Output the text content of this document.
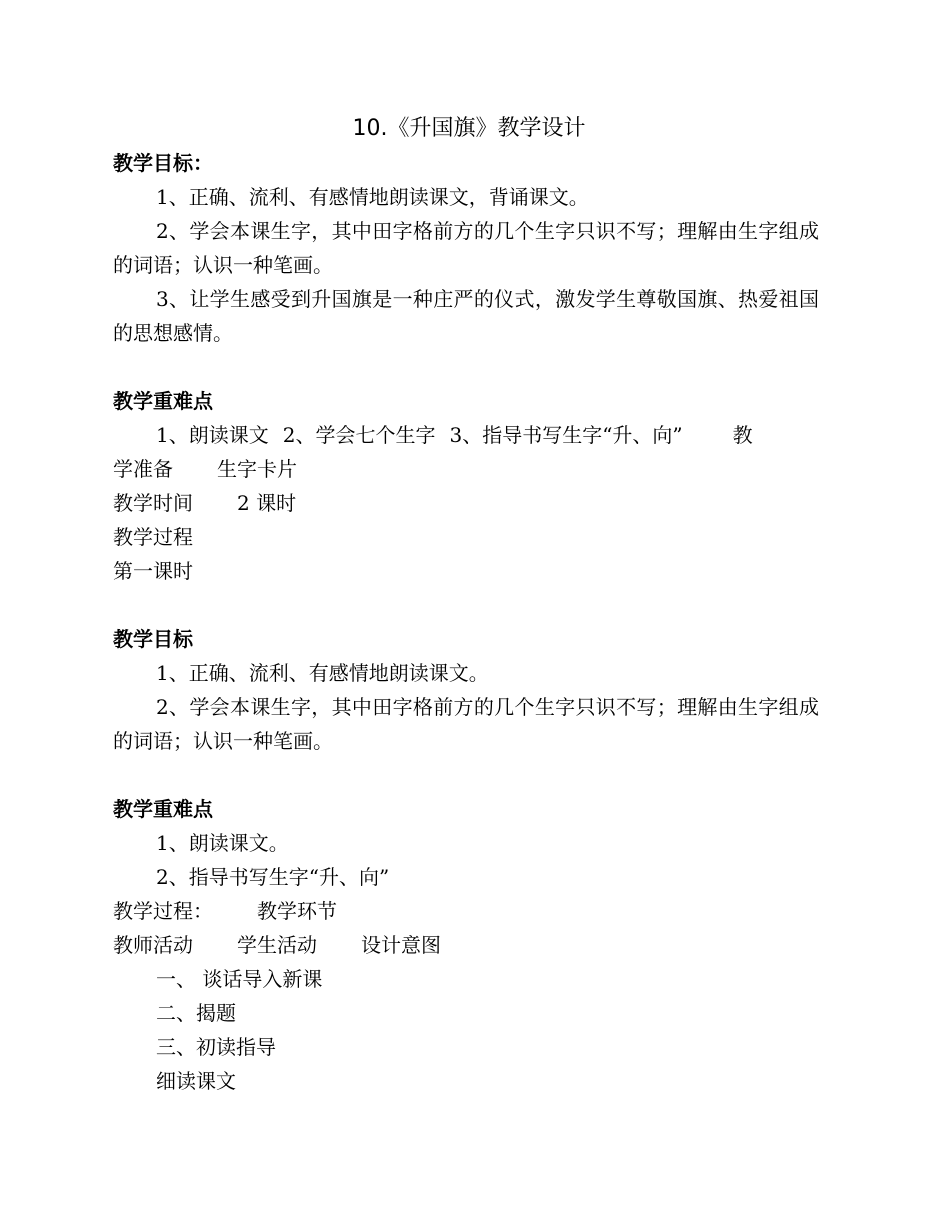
10.《升国旗》教学设计

教学目标：

1、正确、流利、有感情地朗读课文，背诵课文。

2、学会本课生字，其中田字格前方的几个生字只识不写；理解由生字组成的词语；认识一种笔画。

3、让学生感受到升国旗是一种庄严的仪式，激发学生尊敬国旗、热爱祖国的思想感情。

教学重难点

1、朗读课文 2、学会七个生字 3、指导书写生字“升、向”	教

学准备 生字卡片

教学时间 2 课时

教学过程

第一课时

教学目标

1、正确、流利、有感情地朗读课文。

2、学会本课生字，其中田字格前方的几个生字只识不写；理解由生字组成的词语；认识一种笔画。

教学重难点

1、朗读课文。

2、指导书写生字“升、向”

教学过程： 教学环节

教师活动 学生活动 设计意图

一、 谈话导入新课

二、揭题

三、初读指导

细读课文
